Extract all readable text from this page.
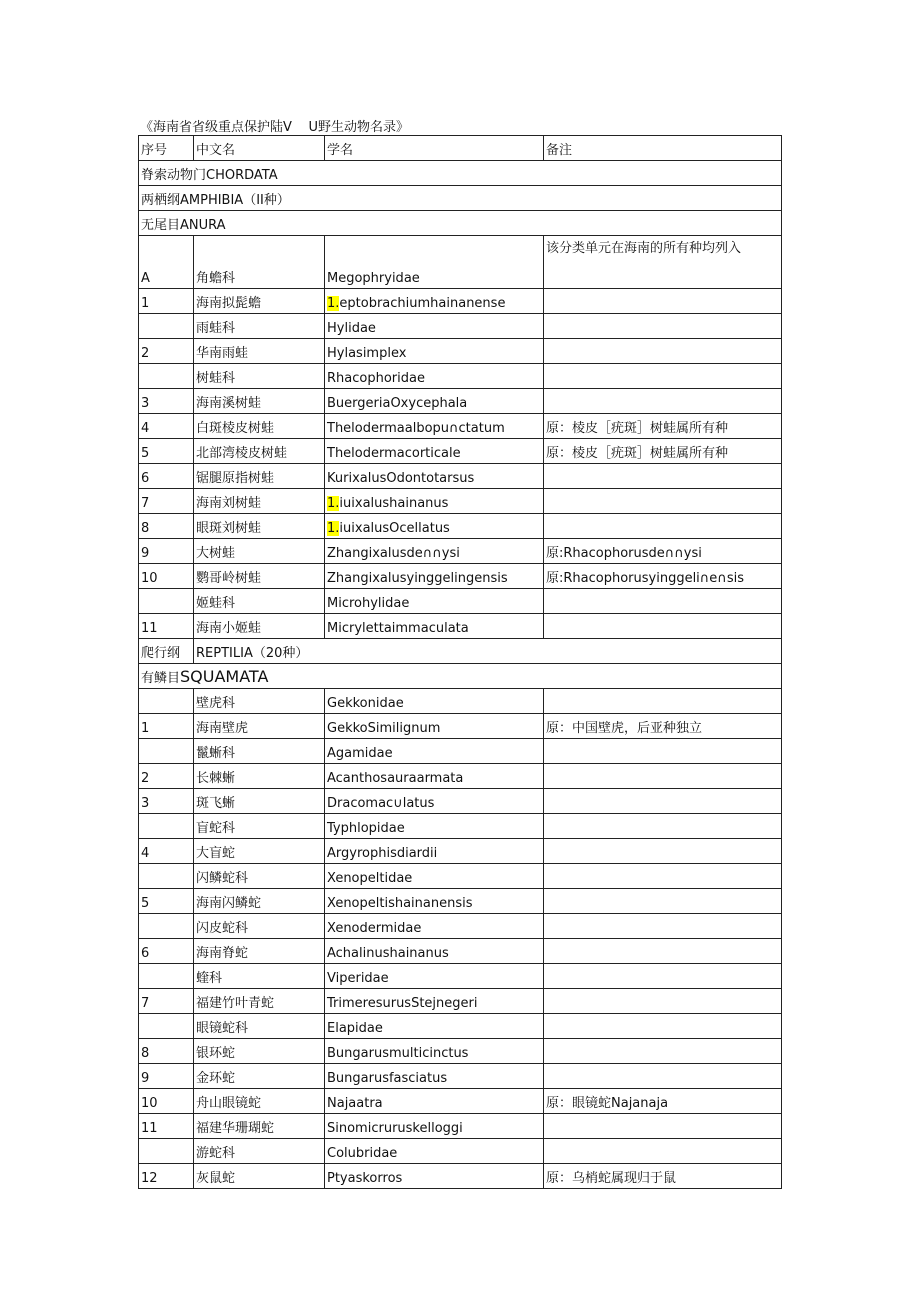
《海南省省级重点保护陆V U野生动物名录》
序号	中文名	学名	备注
脊索动物门CHORDATA			
两栖纲AMPHIBIA（II种）			
无尾目ANURA			
A	角蟾科	Megophryidae	该分类单元在海南的所有种均列入
1	海南拟髭蟾	1.eptobrachiumhainanense	
	雨蛙科	Hylidae	
2	华南雨蛙	Hylasimplex	
	树蛙科	Rhacophoridae	
3	海南溪树蛙	BuergeriaOxycephala	
4	白斑棱皮树蛙	Thelodermaalbopu∩ctatum	原：棱皮［疣斑］树蛙属所有种
5	北部湾棱皮树蛙	Thelodermacorticale	原：棱皮［疣斑］树蛙属所有种
6	锯腿原指树蛙	KurixalusOdontotarsus	
7	海南刘树蛙	1.iuixalushainanus	
8	眼斑刘树蛙	1.iuixalusOcellatus	
9	大树蛙	Zhangixalusde∩∩ysi	原:Rhacophorusde∩∩ysi
10	鹦哥岭树蛙	Zhangixalusyinggelingensis	原:Rhacophorusyinggeli∩e∩sis
	姬蛙科	Microhylidae	
11	海南小姬蛙	Micrylettaimmaculata	
爬行纲	REPTILIA（20种）		
有鳞目SQUAMATA			
	壁虎科	Gekkonidae	
1	海南壁虎	GekkoSimilignum	原：中国壁虎，后亚种独立
	鬣蜥科	Agamidae	
2	长棘蜥	Acanthosauraarmata	
3	斑飞蜥	Dracomac∪latus	
	盲蛇科	Typhlopidae	
4	大盲蛇	Argyrophisdiardii	
	闪鳞蛇科	Xenopeltidae	
5	海南闪鳞蛇	Xenopeltishainanensis	
	闪皮蛇科	Xenodermidae	
6	海南脊蛇	Achalinushainanus	
	蝰科	Viperidae	
7	福建竹叶青蛇	TrimeresurusStejnegeri	
	眼镜蛇科	Elapidae	
8	银环蛇	Bungarusmulticinctus	
9	金环蛇	Bungarusfasciatus	
10	舟山眼镜蛇	Najaatra	原：眼镜蛇Najanaja
11	福建华珊瑚蛇	Sinomicruruskelloggi	
	游蛇科	Colubridae	
12	灰鼠蛇	Ptyaskorros	原：乌梢蛇属现归于鼠
